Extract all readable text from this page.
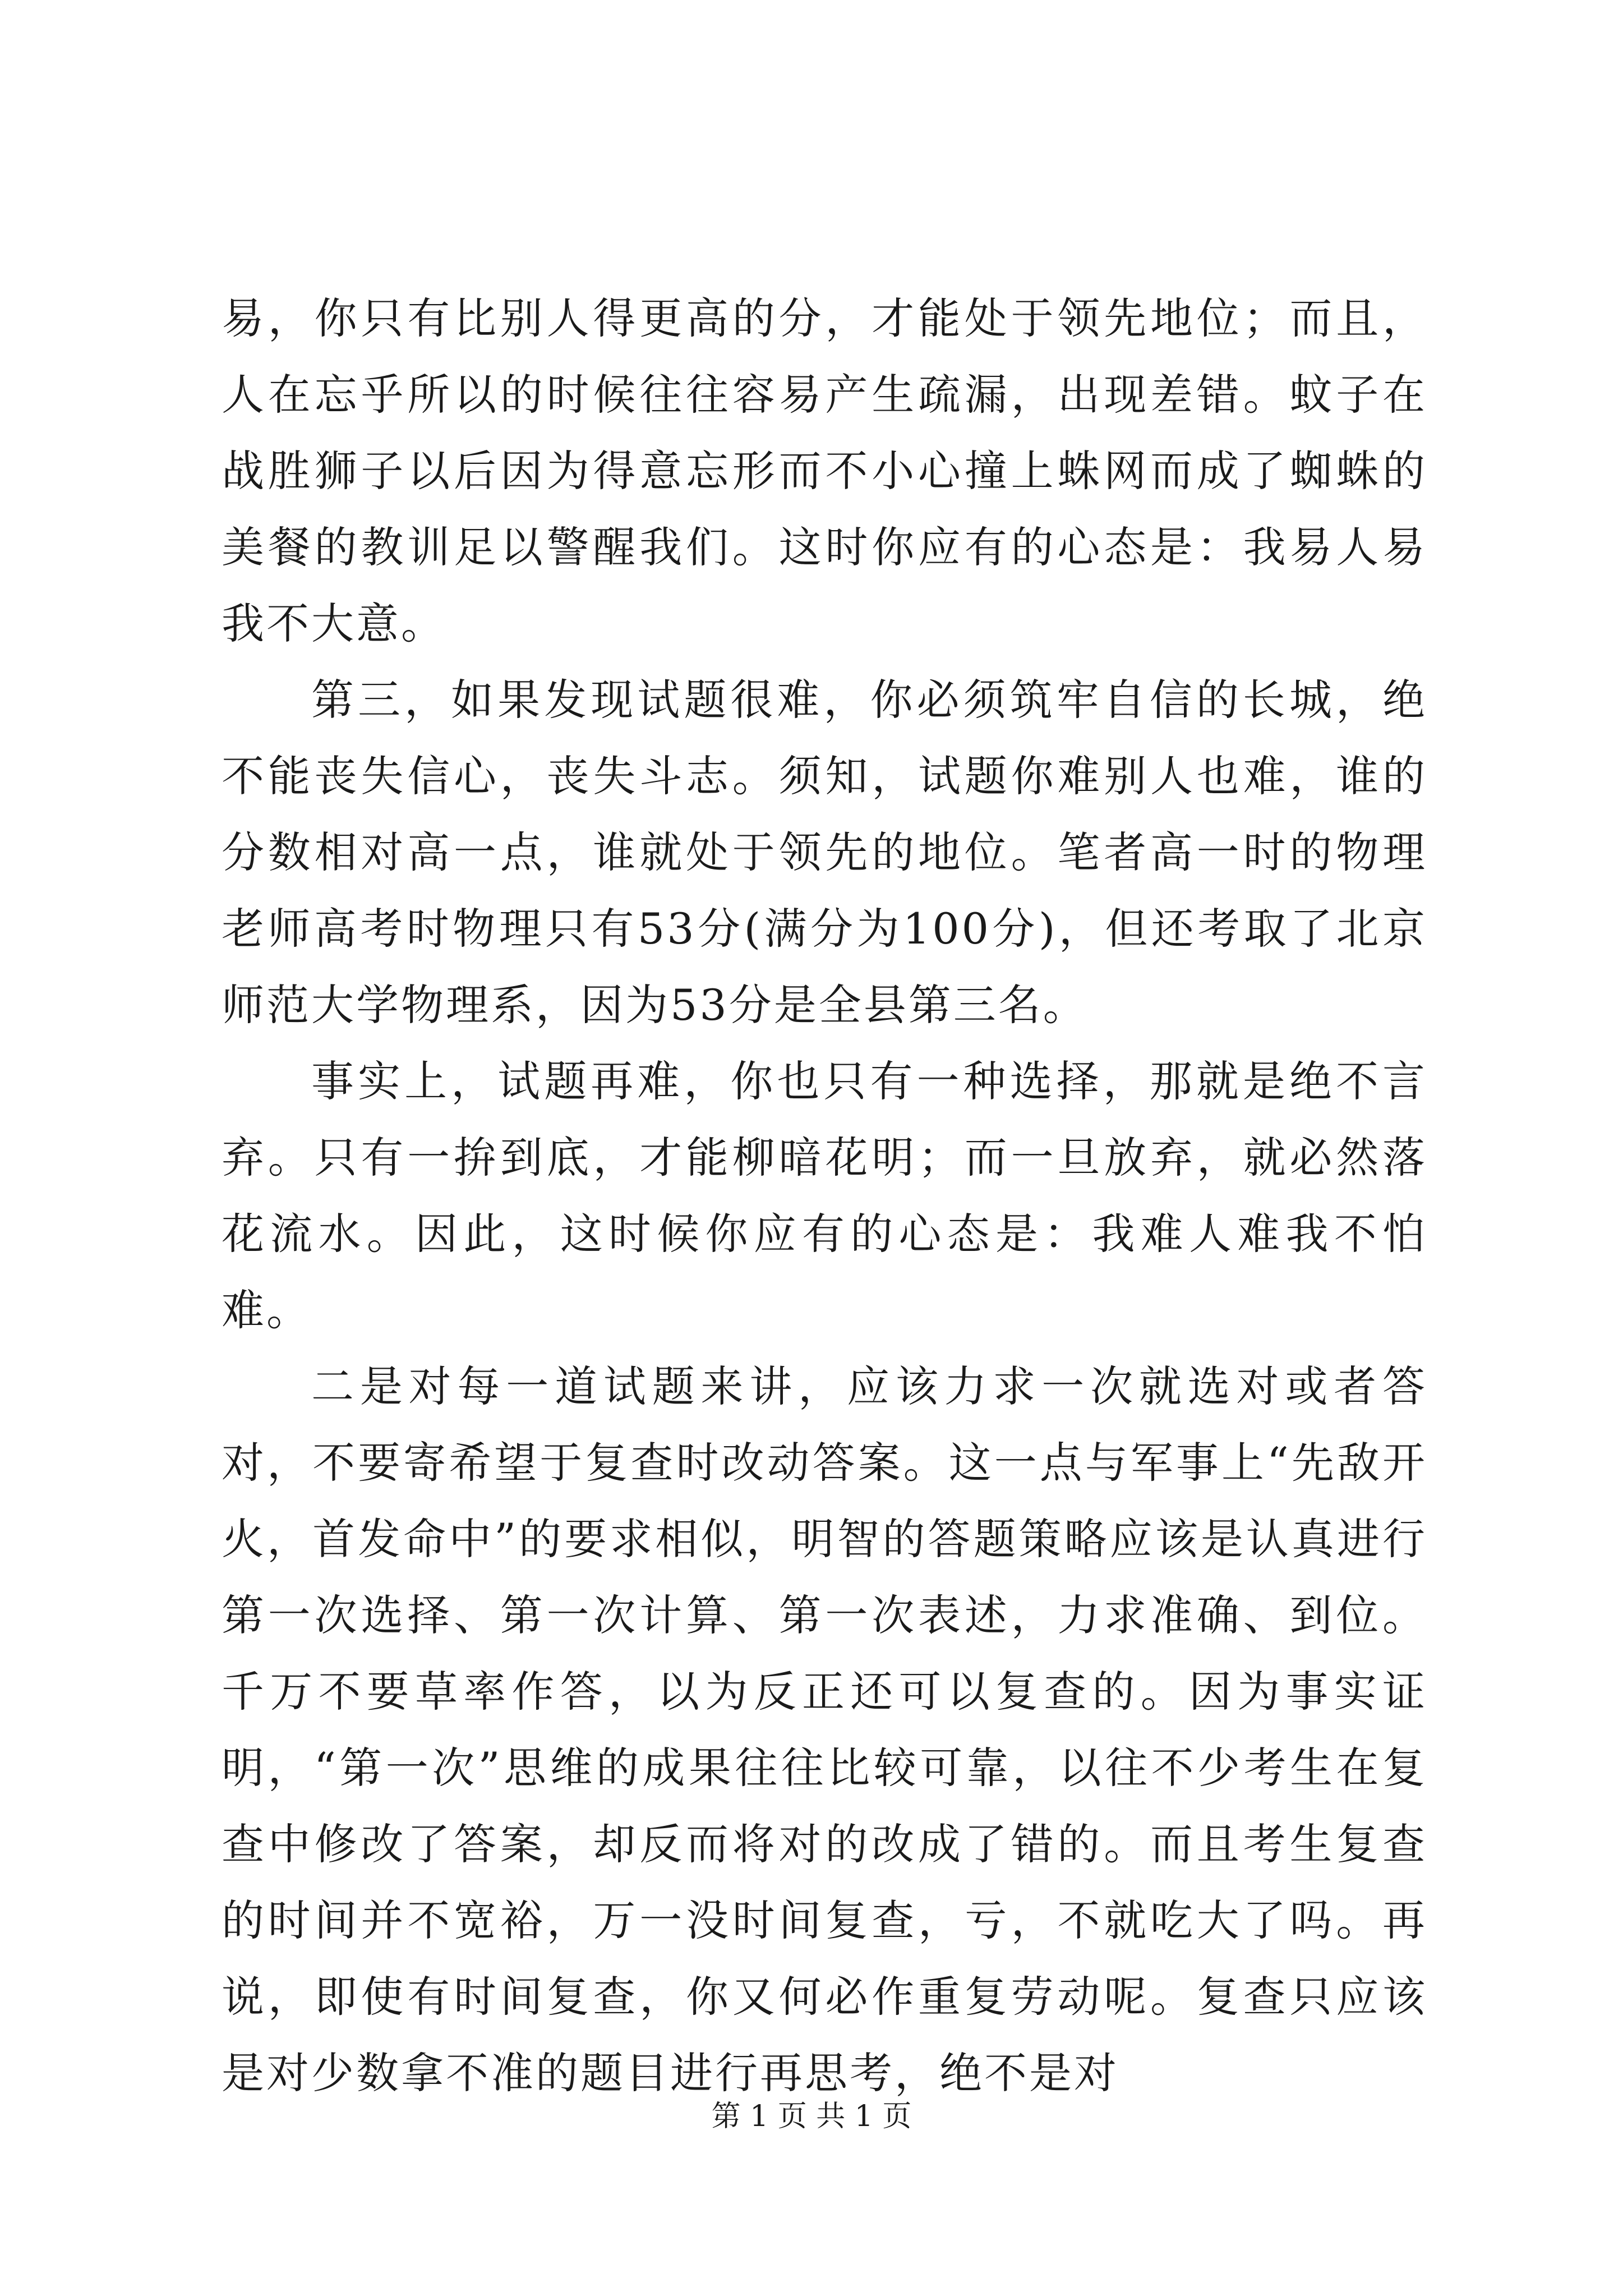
易，你只有比别人得更高的分，才能处于领先地位；而且，人在忘乎所以的时候往往容易产生疏漏，出现差错。蚊子在战胜狮子以后因为得意忘形而不小心撞上蛛网而成了蜘蛛的美餐的教训足以警醒我们。这时你应有的心态是：我易人易我不大意。

第三，如果发现试题很难，你必须筑牢自信的长城，绝不能丧失信心，丧失斗志。须知，试题你难别人也难，谁的分数相对高一点，谁就处于领先的地位。笔者高一时的物理老师高考时物理只有53分(满分为100分)，但还考取了北京师范大学物理系，因为53分是全县第三名。

事实上，试题再难，你也只有一种选择，那就是绝不言弃。只有一拚到底，才能柳暗花明；而一旦放弃，就必然落花流水。因此，这时候你应有的心态是：我难人难我不怕难。

二是对每一道试题来讲，应该力求一次就选对或者答对，不要寄希望于复查时改动答案。这一点与军事上“先敌开火，首发命中”的要求相似，明智的答题策略应该是认真进行第一次选择、第一次计算、第一次表述，力求准确、到位。千万不要草率作答，以为反正还可以复查的。因为事实证明，“第一次”思维的成果往往比较可靠，以往不少考生在复查中修改了答案，却反而将对的改成了错的。而且考生复查的时间并不宽裕，万一没时间复查，亏，不就吃大了吗。再说，即使有时间复查，你又何必作重复劳动呢。复查只应该是对少数拿不准的题目进行再思考，绝不是对

第 1 页 共 1 页
